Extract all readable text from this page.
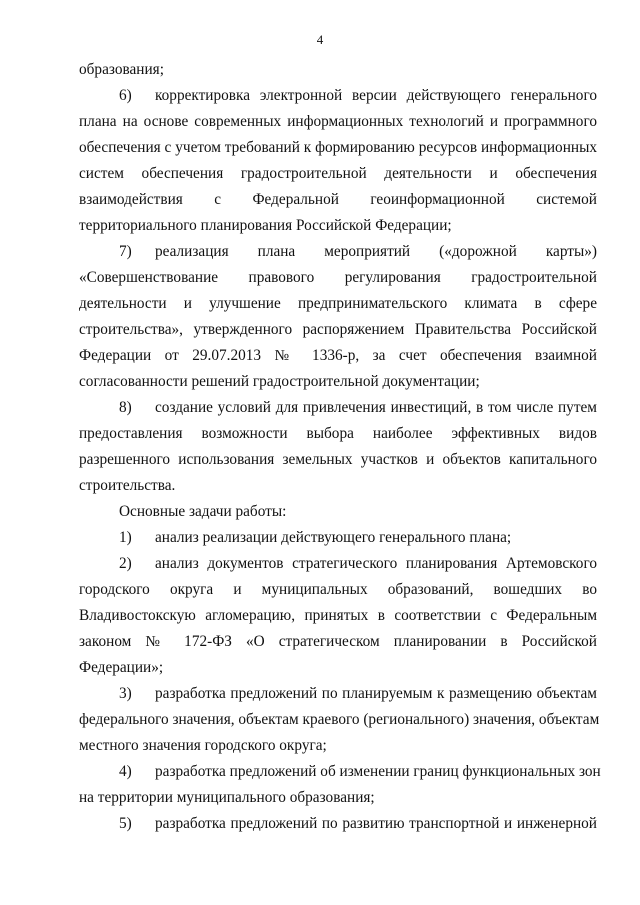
4
образования;
6) корректировка электронной версии действующего генерального
плана на основе современных информационных технологий и программного
обеспечения с учетом требований к формированию ресурсов информационных
систем обеспечения градостроительной деятельности и обеспечения
взаимодействия с Федеральной геоинформационной системой
территориального планирования Российской Федерации;
7) реализация плана мероприятий («дорожной карты»)
«Совершенствование правового регулирования градостроительной
деятельности и улучшение предпринимательского климата в сфере
строительства», утвержденного распоряжением Правительства Российской
Федерации от 29.07.2013 № 1336-р, за счет обеспечения взаимной
согласованности решений градостроительной документации;
8) создание условий для привлечения инвестиций, в том числе путем
предоставления возможности выбора наиболее эффективных видов
разрешенного использования земельных участков и объектов капитального
строительства.
Основные задачи работы:
1) анализ реализации действующего генерального плана;
2) анализ документов стратегического планирования Артемовского
городского округа и муниципальных образований, вошедших во
Владивостокскую агломерацию, принятых в соответствии с Федеральным
законом № 172-ФЗ «О стратегическом планировании в Российской
Федерации»;
3) разработка предложений по планируемым к размещению объектам
федерального значения, объектам краевого (регионального) значения, объектам
местного значения городского округа;
4) разработка предложений об изменении границ функциональных зон
на территории муниципального образования;
5) разработка предложений по развитию транспортной и инженерной
